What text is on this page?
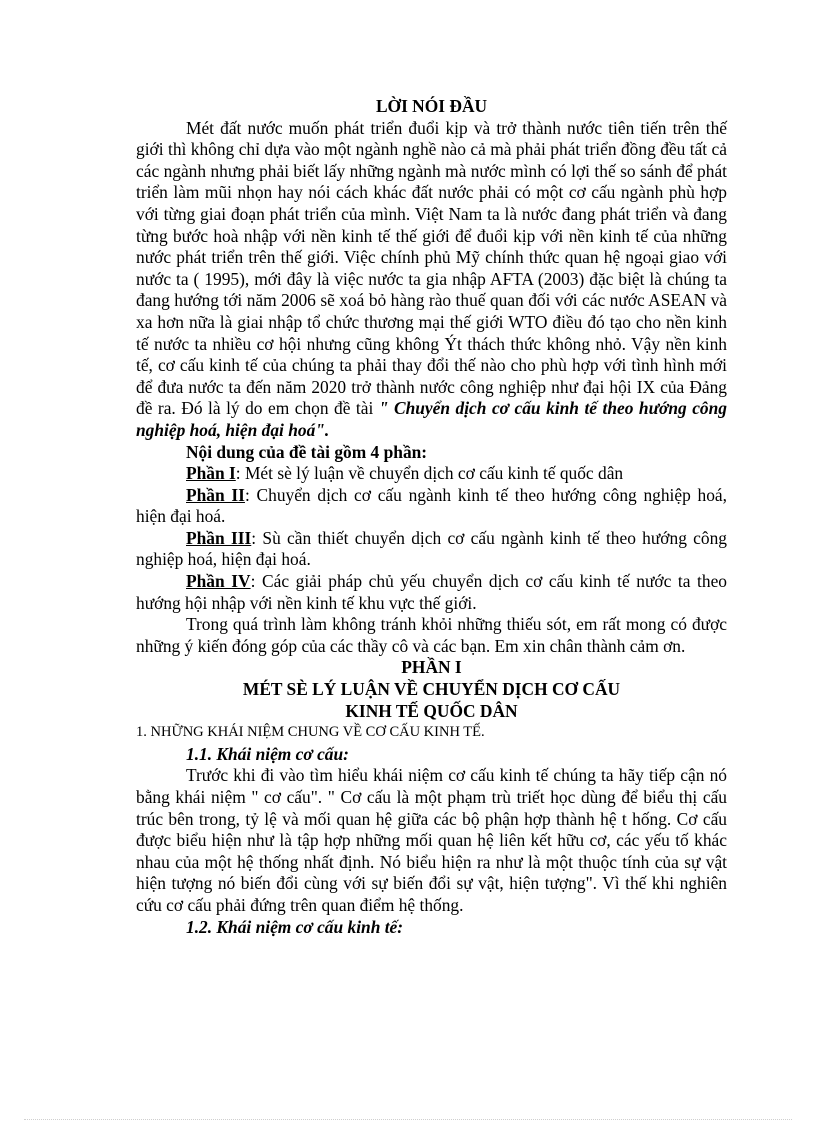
LỜI NÓI ĐẦU

Mét đất nước muốn phát triển đuổi kịp và trở thành nước tiên tiến trên thế giới thì không chỉ dựa vào một ngành nghề nào cả mà phải phát triển đồng đều tất cả các ngành nhưng phải biết lấy những ngành mà nước mình có lợi thế so sánh để phát triển làm mũi nhọn hay nói cách khác đất nước phải có một cơ cấu ngành phù hợp với từng giai đoạn phát triển của mình. Việt Nam ta là nước đang phát triển và đang từng bước hoà nhập với nền kinh tế thế giới để đuổi kịp với nền kinh tế của những nước phát triển trên thế giới. Việc chính phủ Mỹ chính thức quan hệ ngoại giao với nước ta ( 1995), mới đây là việc nước ta gia nhập AFTA (2003) đặc biệt là chúng ta đang hướng tới năm 2006 sẽ xoá bỏ hàng rào thuế quan đối với các nước ASEAN và xa hơn nữa là giai nhập tổ chức thương mại thế giới WTO điều đó tạo cho nền kinh tế nước ta nhiều cơ hội nhưng cũng không Ýt thách thức không nhỏ. Vậy nền kinh tế, cơ cấu kinh tế của chúng ta phải thay đổi thế nào cho phù hợp với tình hình mới để đưa nước ta đến năm 2020 trở thành nước công nghiệp như đại hội IX của Đảng đề ra. Đó là lý do em chọn đề tài " Chuyển dịch cơ cấu kinh tế theo hướng công nghiệp hoá, hiện đại hoá".

Nội dung của đề tài gồm 4 phần:

Phần I: Mét sè lý luận về chuyển dịch cơ cấu kinh tế quốc dân

Phần II: Chuyển dịch cơ cấu ngành kinh tế theo hướng công nghiệp hoá, hiện đại hoá.

Phần III: Sù cần thiết chuyển dịch cơ cấu ngành kinh tế theo hướng công nghiệp hoá, hiện đại hoá.

Phần IV: Các giải pháp chủ yếu chuyển dịch cơ cấu kinh tế nước ta theo hướng hội nhập với nền kinh tế khu vực thế giới.

Trong quá trình làm không tránh khỏi những thiếu sót, em rất mong có được những ý kiến đóng góp của các thầy cô và các bạn. Em xin chân thành cảm ơn.

PHẦN I

MÉT SÈ LÝ LUẬN VỀ CHUYỂN DỊCH CƠ CẤU

KINH TẾ QUỐC DÂN

1. NHỮNG KHÁI NIỆM CHUNG VỀ CƠ CẤU KINH TẾ.

1.1. Khái niệm cơ cấu:

Trước khi đi vào tìm hiểu khái niệm cơ cấu kinh tế chúng ta hãy tiếp cận nó bằng khái niệm " cơ cấu". " Cơ cấu là một phạm trù triết học dùng để biểu thị cấu trúc bên trong, tỷ lệ và mối quan hệ giữa các bộ phận hợp thành hệ t hống. Cơ cấu được biểu hiện như là tập hợp những mối quan hệ liên kết hữu cơ, các yếu tố khác nhau của một hệ thống nhất định. Nó biểu hiện ra như là một thuộc tính của sự vật hiện tượng nó biến đổi cùng với sự biến đổi sự vật, hiện tượng". Vì thế khi nghiên cứu cơ cấu phải đứng trên quan điểm hệ thống.

1.2. Khái niệm cơ cấu kinh tế:
